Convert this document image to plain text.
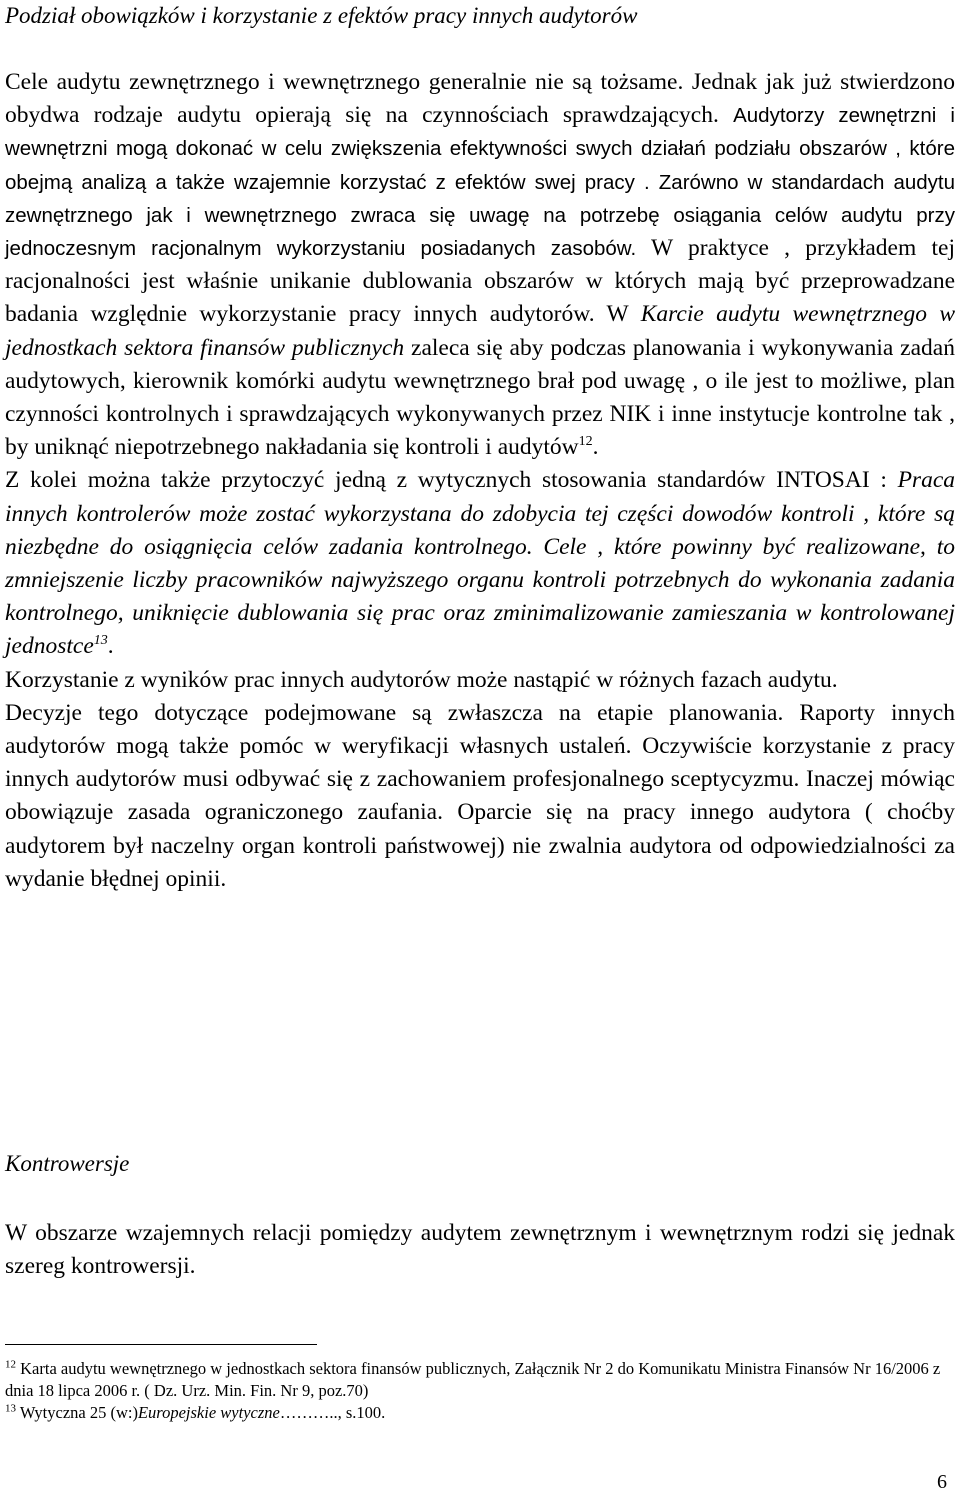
Podział obowiązków i korzystanie z efektów pracy innych audytorów

Cele audytu zewnętrznego i wewnętrznego generalnie nie są tożsame. Jednak jak już stwierdzono obydwa rodzaje audytu opierają się na czynnościach sprawdzających. Audytorzy zewnętrzni i wewnętrzni mogą dokonać w celu zwiększenia efektywności swych działań podziału obszarów , które obejmą analizą a także wzajemnie korzystać z efektów swej pracy . Zarówno w standardach audytu zewnętrznego jak i wewnętrznego zwraca się uwagę na potrzebę osiągania celów audytu przy jednoczesnym racjonalnym wykorzystaniu posiadanych zasobów. W praktyce , przykładem tej racjonalności jest właśnie unikanie dublowania obszarów w których mają być przeprowadzane badania względnie wykorzystanie pracy innych audytorów. W Karcie audytu wewnętrznego w jednostkach sektora finansów publicznych zaleca się aby podczas planowania i wykonywania zadań audytowych, kierownik komórki audytu wewnętrznego brał pod uwagę , o ile jest to możliwe, plan czynności kontrolnych i sprawdzających wykonywanych przez NIK i inne instytucje kontrolne tak , by uniknąć niepotrzebnego nakładania się kontroli i audytów$^{12}$.

Z kolei można także przytoczyć jedną z wytycznych stosowania standardów INTOSAI : Praca innych kontrolerów może zostać wykorzystana do zdobycia tej części dowodów kontroli , które są niezbędne do osiągnięcia celów zadania kontrolnego. Cele , które powinny być realizowane, to zmniejszenie liczby pracowników najwyższego organu kontroli potrzebnych do wykonania zadania kontrolnego, uniknięcie dublowania się prac oraz zminimalizowanie zamieszania w kontrolowanej jednostce$^{13}$.

Korzystanie z wyników prac innych audytorów może nastąpić w różnych fazach audytu.

Decyzje tego dotyczące podejmowane są zwłaszcza na etapie planowania. Raporty innych audytorów mogą także pomóc w weryfikacji własnych ustaleń. Oczywiście korzystanie z pracy innych audytorów musi odbywać się z zachowaniem profesjonalnego sceptycyzmu. Inaczej mówiąc obowiązuje zasada ograniczonego zaufania. Oparcie się na pracy innego audytora ( choćby audytorem był naczelny organ kontroli państwowej) nie zwalnia audytora od odpowiedzialności za wydanie błędnej opinii.

Kontrowersje
W obszarze wzajemnych relacji pomiędzy audytem zewnętrznym i wewnętrznym rodzi się jednak szereg kontrowersji.

$^{12}$ Karta audytu wewnętrznego w jednostkach sektora finansów publicznych, Załącznik Nr 2 do Komunikatu Ministra Finansów Nr 16/2006 z dnia 18 lipca 2006 r. ( Dz. Urz. Min. Fin. Nr 9, poz.70)

$^{13}$ Wytyczna 25 (w:)Europejskie wytyczne……….., s.100.

6
